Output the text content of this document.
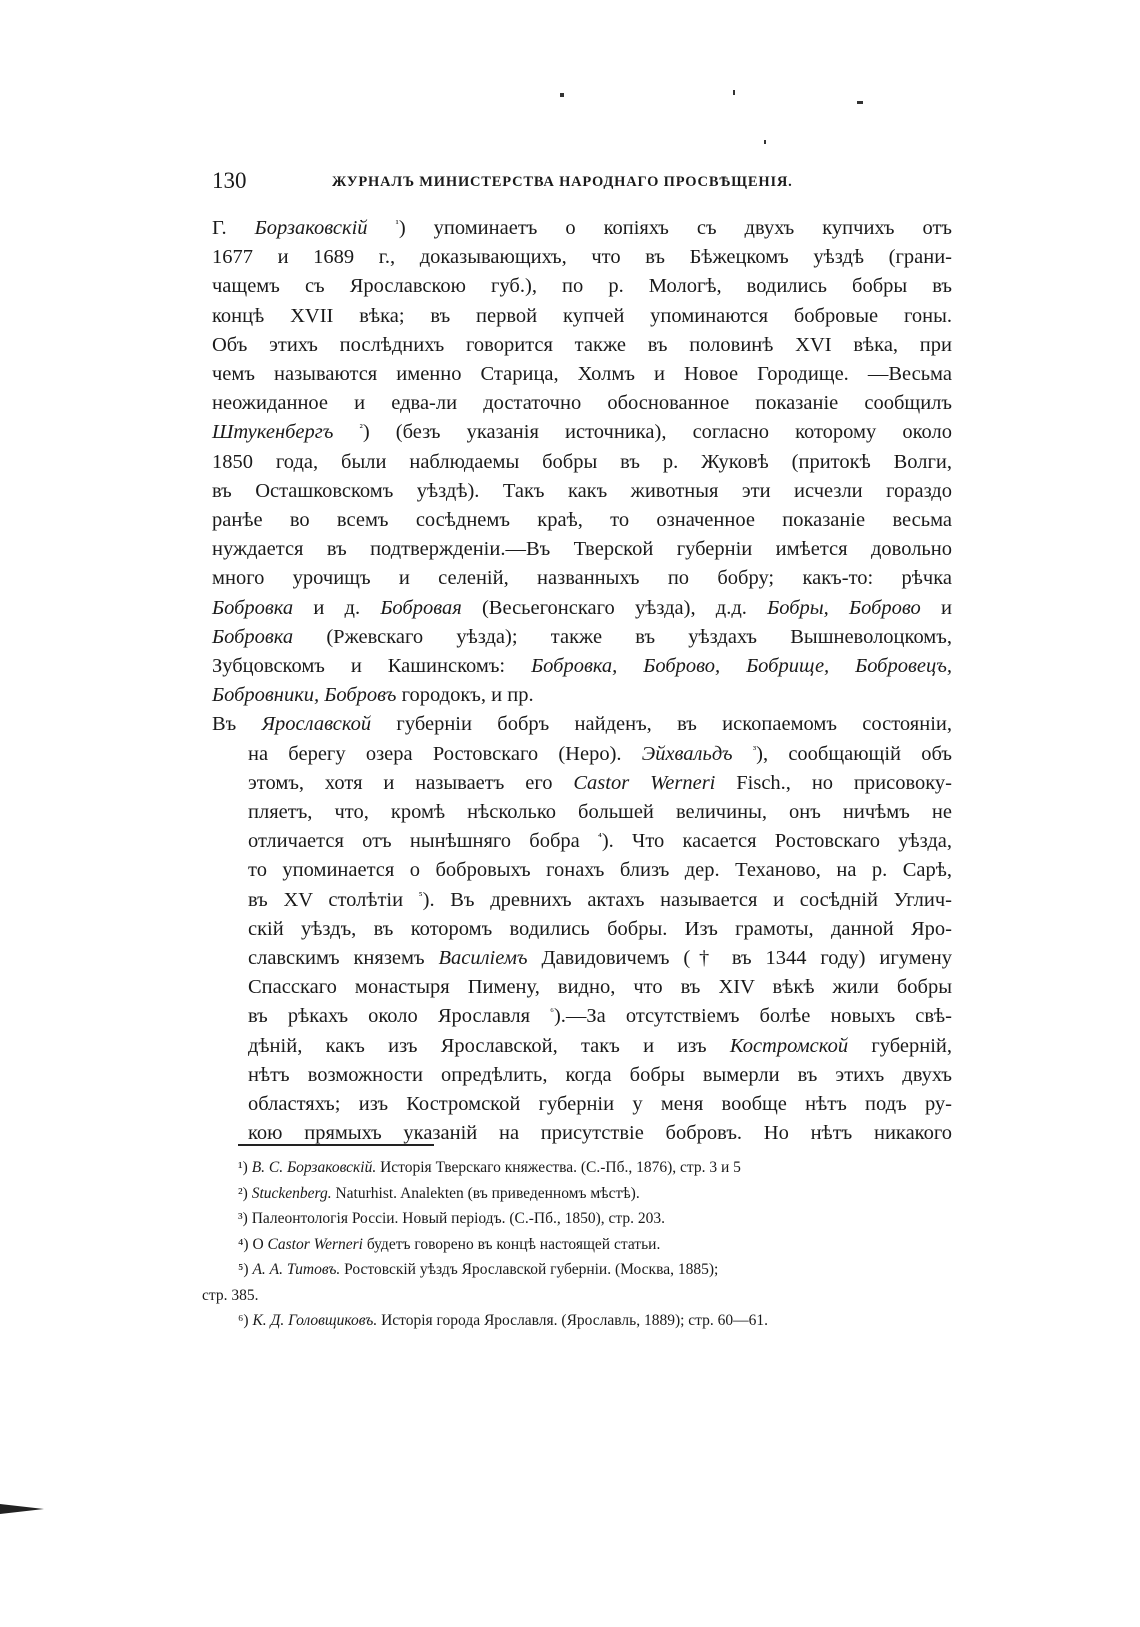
130	ЖУРНАЛЪ МИНИСТЕРСТВА НАРОДНАГО ПРОСВѢЩЕНІЯ.

Г. Борзаковскій	$^{^1}$) упоминаетъ о копіяхъ съ двухъ купчихъ отъ
1677 и 1689 г., доказывающихъ, что въ Бѣжецкомъ уѣздѣ (грани-
чащемъ съ Ярославскою губ.), по р. Мологѣ, водились бобры въ
концѣ XVII вѣка; въ первой купчей упоминаются бобровые гоны.
Объ этихъ послѣднихъ говорится также въ половинѣ XVI вѣка, при
чемъ называются именно Старица, Холмъ и Новое Городище. —Весьма
неожиданное и едва-ли достаточно обоснованное показаніе сообщилъ
Штукенбергъ $^{^2}$) (безъ указанія источника), согласно которому около
1850 года, были наблюдаемы бобры въ р. Жуковѣ (притокѣ Волги,
въ Осташковскомъ уѣздѣ). Такъ какъ животныя эти исчезли гораздо
ранѣе во всемъ сосѣднемъ краѣ, то означенное показаніе весьма
нуждается въ подтвержденіи.—Въ Тверской губерніи имѣется довольно
много урочищъ и селеній, названныхъ по бобру; какъ-то: рѣчка
Бобровка и д. Бобровая (Весьегонскаго уѣзда), д.д. Бобры, Боброво и
Бобровка (Ржевскаго уѣзда); также въ уѣздахъ Вышневолоцкомъ,
Зубцовскомъ и Кашинскомъ: Бобровка, Боброво, Бобрище, Бобровецъ,
Бобровники, Бобровъ городокъ, и пр.

Въ Ярославской губерніи бобръ найденъ, въ ископаемомъ состояніи,
на берегу озера Ростовскаго (Неро). Эйхвальдъ $^{^3}$), сообщающій объ
этомъ, хотя и называетъ его Castor Werneri Fisch., но присовоку-
пляетъ, что, кромѣ нѣсколько большей величины, онъ ничѣмъ не
отличается отъ нынѣшняго бобра $^{^4}$). Что касается Ростовскаго уѣзда,
то упоминается о бобровыхъ гонахъ близъ дер. Теханово, на р. Сарѣ,
въ XV столѣтіи $^{^5}$). Въ древнихъ актахъ называется и сосѣдній Углич-
скій уѣздъ, въ которомъ водились бобры. Изъ грамоты, данной Яро-
славскимъ княземъ Василіемъ Давидовичемъ († въ 1344 году) игумену
Спасскаго монастыря Пимену, видно, что въ XIV вѣкѣ жили бобры
въ рѣкахъ около Ярославля $^{^6}$).—За отсутствіемъ болѣе новыхъ свѣ-
дѣній, какъ изъ Ярославской, такъ и изъ Костромской губерній,
нѣтъ возможности опредѣлить, когда бобры вымерли въ этихъ двухъ
областяхъ; изъ Костромской губерніи у меня вообще нѣтъ подъ ру-
кою прямыхъ указаній на присутствіе бобровъ. Но нѣтъ никакого

¹) В. С. Борзаковскій. Исторія Тверскаго княжества. (С.-Пб., 1876), стр. 3 и 5
²) Stuckenberg. Naturhist. Analekten (въ приведенномъ мѣстѣ).
³) Палеонтологія Россіи. Новый періодъ. (С.-Пб., 1850), стр. 203.
⁴) О Castor Werneri будетъ говорено въ концѣ настоящей статьи.
⁵) А. А. Титовъ. Ростовскій уѣздъ Ярославской губерніи. (Москва, 1885);
стр. 385.
⁶) К. Д. Головщиковъ. Исторія города Ярославля. (Ярославль, 1889); стр. 60—61.
